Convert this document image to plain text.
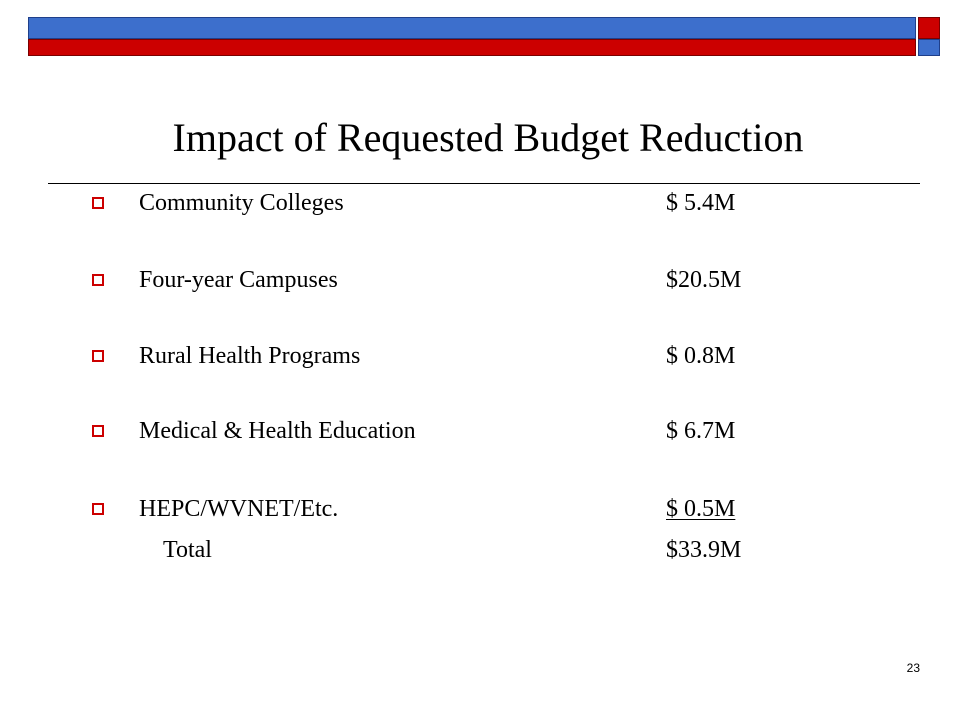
Impact of Requested Budget Reduction
Community Colleges	$ 5.4M
Four-year Campuses	$20.5M
Rural Health Programs	$ 0.8M
Medical & Health Education	$ 6.7M
HEPC/WVNET/Etc.	$ 0.5M
Total	$33.9M
23
